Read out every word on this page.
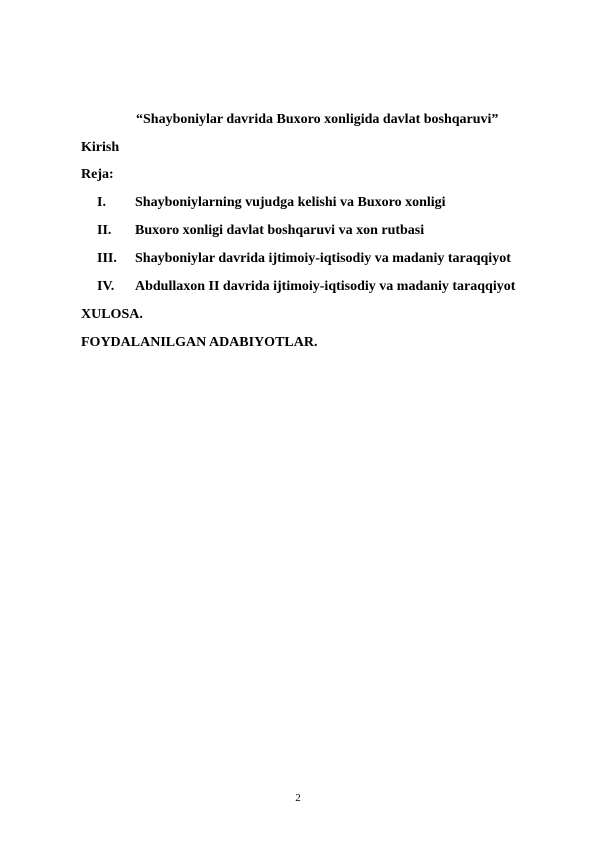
“Shayboniylar davrida Buxoro xonligida davlat boshqaruvi”
Kirish
Reja:
I. Shayboniylarning vujudga kelishi va Buxoro xonligi
II. Buxoro xonligi davlat boshqaruvi va xon rutbasi
III. Shayboniylar davrida ijtimoiy-iqtisodiy va madaniy taraqqiyot
IV. Abdullaxon II davrida ijtimoiy-iqtisodiy va madaniy taraqqiyot
XULOSA.
FOYDALANILGAN ADABIYOTLAR.
2
